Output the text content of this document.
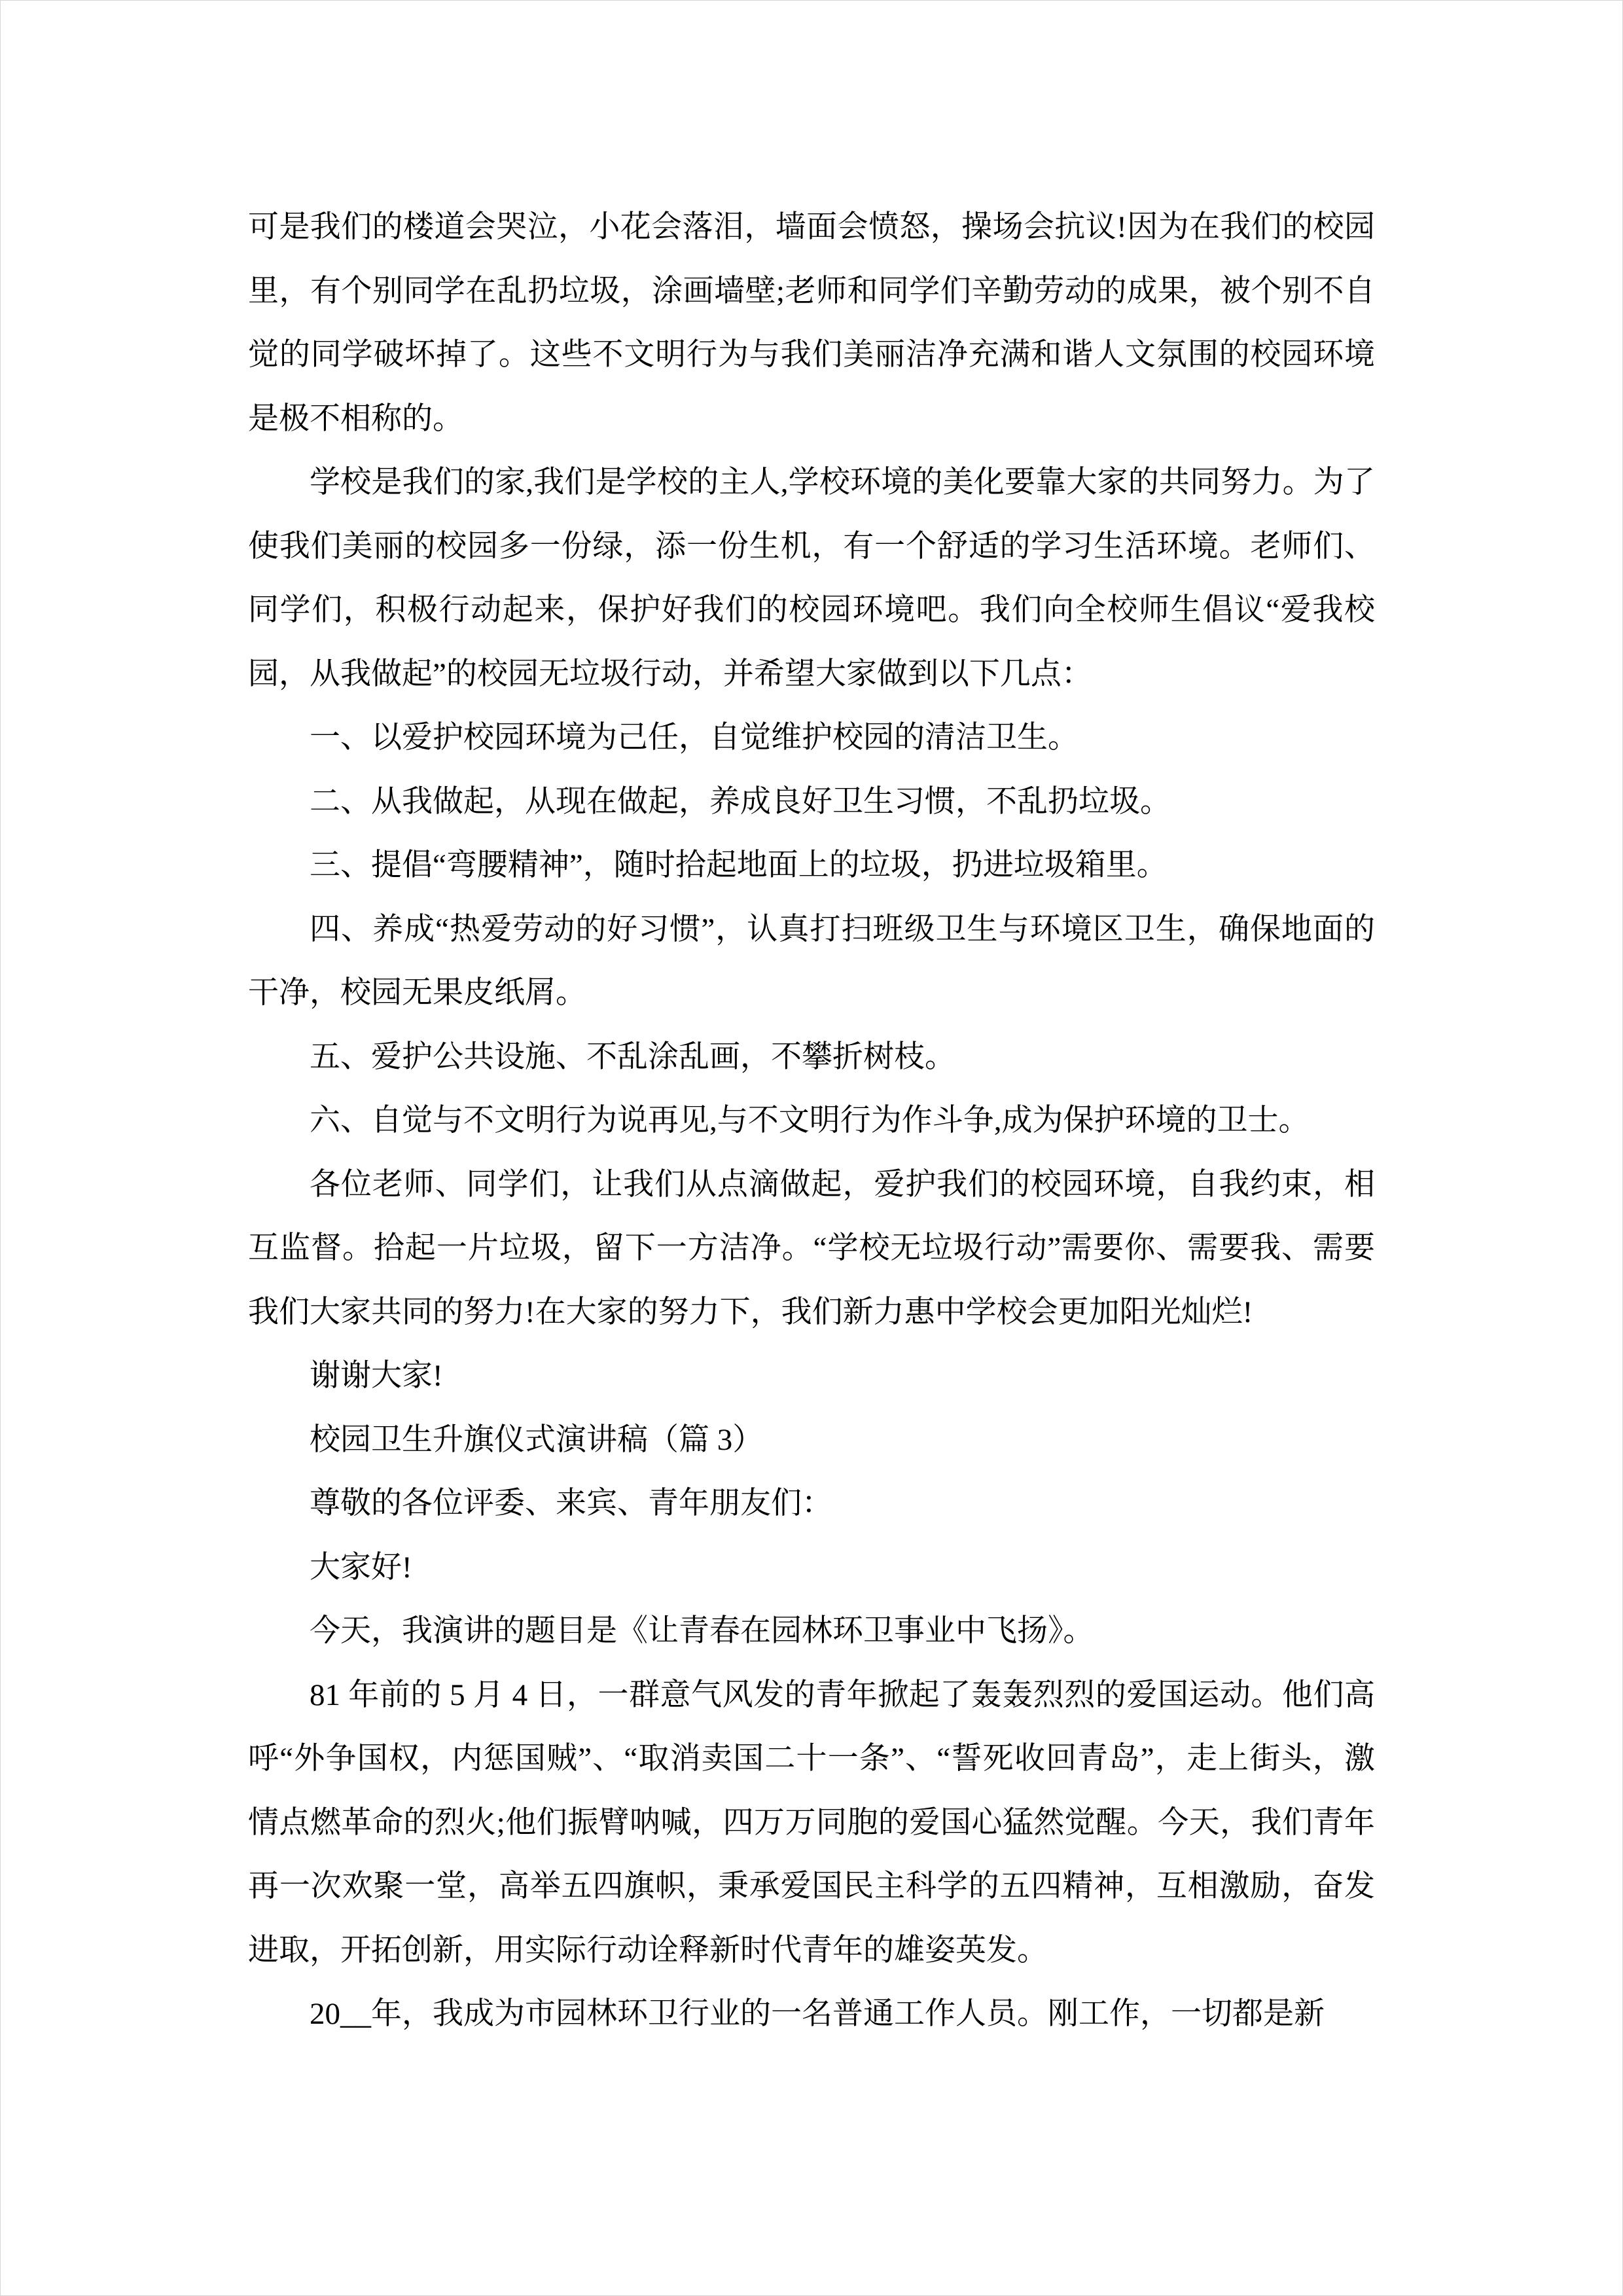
可是我们的楼道会哭泣，小花会落泪，墙面会愤怒，操场会抗议!因为在我们的校园里，有个别同学在乱扔垃圾，涂画墙壁;老师和同学们辛勤劳动的成果，被个别不自觉的同学破坏掉了。这些不文明行为与我们美丽洁净充满和谐人文氛围的校园环境是极不相称的。

学校是我们的家,我们是学校的主人,学校环境的美化要靠大家的共同努力。为了使我们美丽的校园多一份绿，添一份生机，有一个舒适的学习生活环境。老师们、同学们，积极行动起来，保护好我们的校园环境吧。我们向全校师生倡议“爱我校园，从我做起”的校园无垃圾行动，并希望大家做到以下几点：

一、以爱护校园环境为己任，自觉维护校园的清洁卫生。

二、从我做起，从现在做起，养成良好卫生习惯，不乱扔垃圾。

三、提倡“弯腰精神”，随时拾起地面上的垃圾，扔进垃圾箱里。

四、养成“热爱劳动的好习惯”，认真打扫班级卫生与环境区卫生，确保地面的干净，校园无果皮纸屑。

五、爱护公共设施、不乱涂乱画，不攀折树枝。

六、自觉与不文明行为说再见,与不文明行为作斗争,成为保护环境的卫士。

各位老师、同学们，让我们从点滴做起，爱护我们的校园环境，自我约束，相互监督。拾起一片垃圾，留下一方洁净。“学校无垃圾行动”需要你、需要我、需要我们大家共同的努力!在大家的努力下，我们新力惠中学校会更加阳光灿烂!

谢谢大家!

校园卫生升旗仪式演讲稿（篇 3）

尊敬的各位评委、来宾、青年朋友们：

大家好!

今天，我演讲的题目是《让青春在园林环卫事业中飞扬》。

81 年前的 5 月 4 日，一群意气风发的青年掀起了轰轰烈烈的爱国运动。他们高呼“外争国权，内惩国贼”、“取消卖国二十一条”、“誓死收回青岛”，走上街头，激情点燃革命的烈火;他们振臂呐喊，四万万同胞的爱国心猛然觉醒。今天，我们青年再一次欢聚一堂，高举五四旗帜，秉承爱国民主科学的五四精神，互相激励，奋发进取，开拓创新，用实际行动诠释新时代青年的雄姿英发。

20__年，我成为市园林环卫行业的一名普通工作人员。刚工作，一切都是新
